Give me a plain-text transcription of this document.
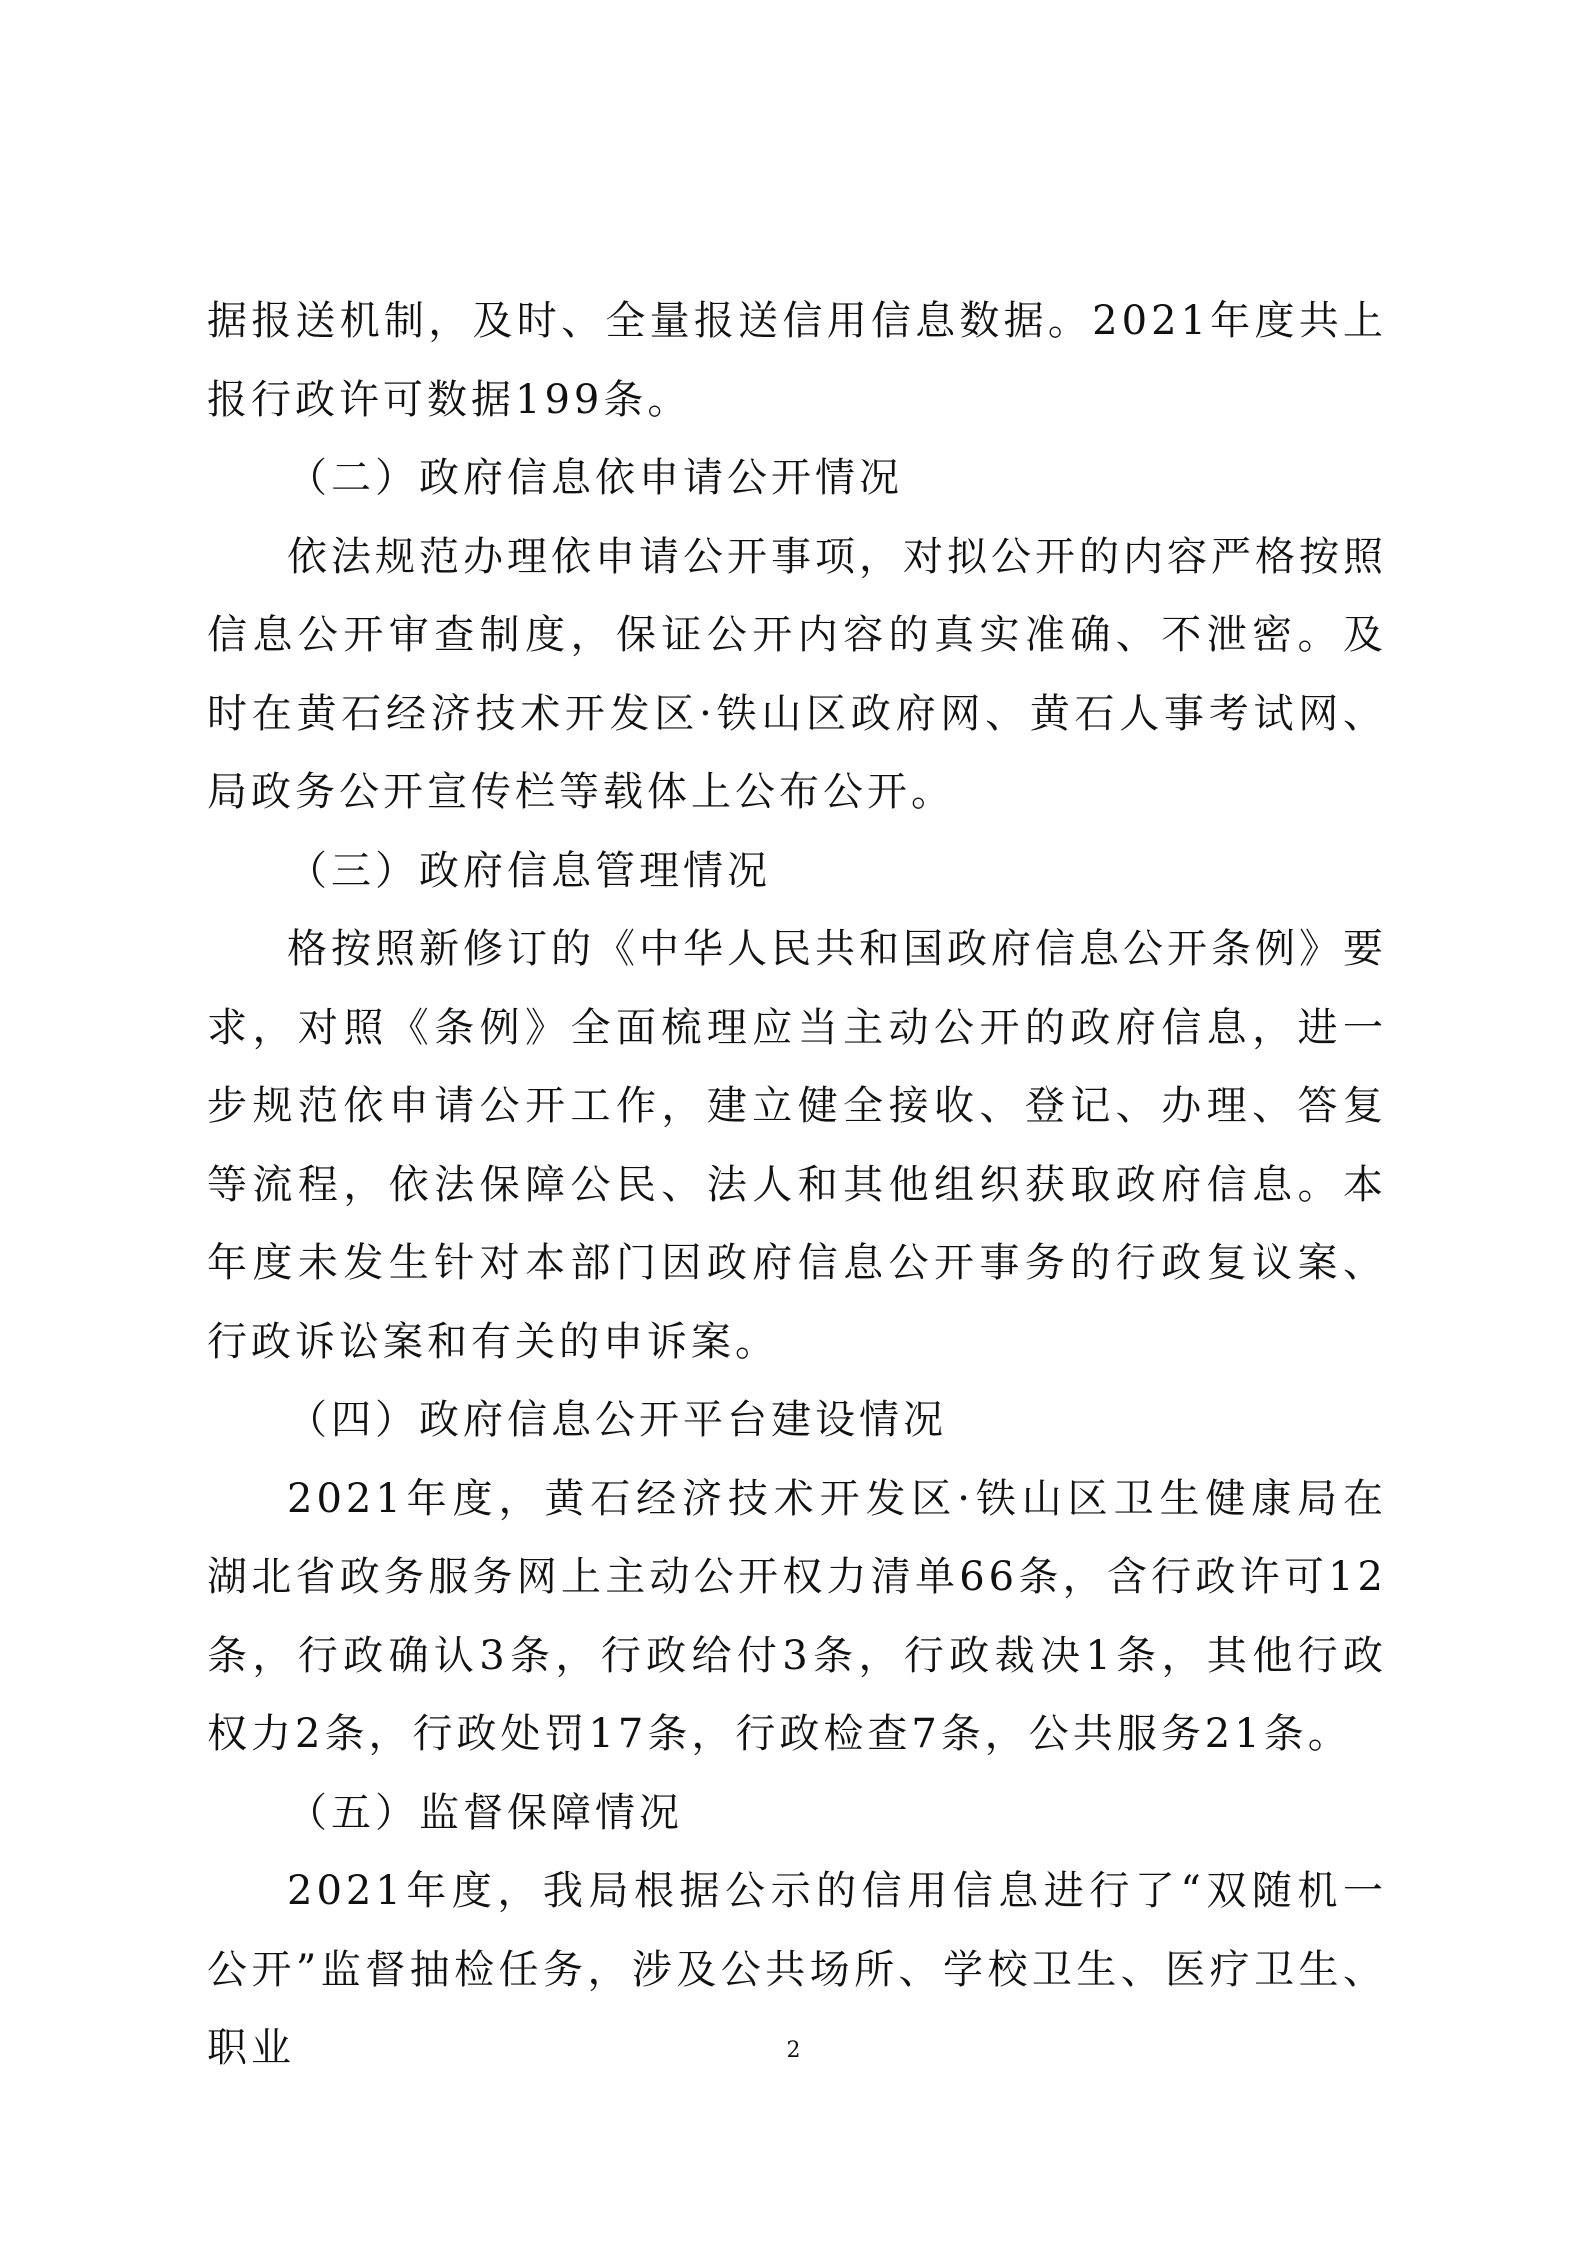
据报送机制，及时、全量报送信用信息数据。2021年度共上报行政许可数据199条。

（二）政府信息依申请公开情况

依法规范办理依申请公开事项，对拟公开的内容严格按照信息公开审查制度，保证公开内容的真实准确、不泄密。及时在黄石经济技术开发区·铁山区政府网、黄石人事考试网、局政务公开宣传栏等载体上公布公开。

（三）政府信息管理情况

格按照新修订的《中华人民共和国政府信息公开条例》要求，对照《条例》全面梳理应当主动公开的政府信息，进一步规范依申请公开工作，建立健全接收、登记、办理、答复等流程，依法保障公民、法人和其他组织获取政府信息。本年度未发生针对本部门因政府信息公开事务的行政复议案、行政诉讼案和有关的申诉案。

（四）政府信息公开平台建设情况

2021年度，黄石经济技术开发区·铁山区卫生健康局在湖北省政务服务网上主动公开权力清单66条，含行政许可12条，行政确认3条，行政给付3条，行政裁决1条，其他行政权力2条，行政处罚17条，行政检查7条，公共服务21条。

（五）监督保障情况

2021年度，我局根据公示的信用信息进行了“双随机一公开”监督抽检任务，涉及公共场所、学校卫生、医疗卫生、职业	2
